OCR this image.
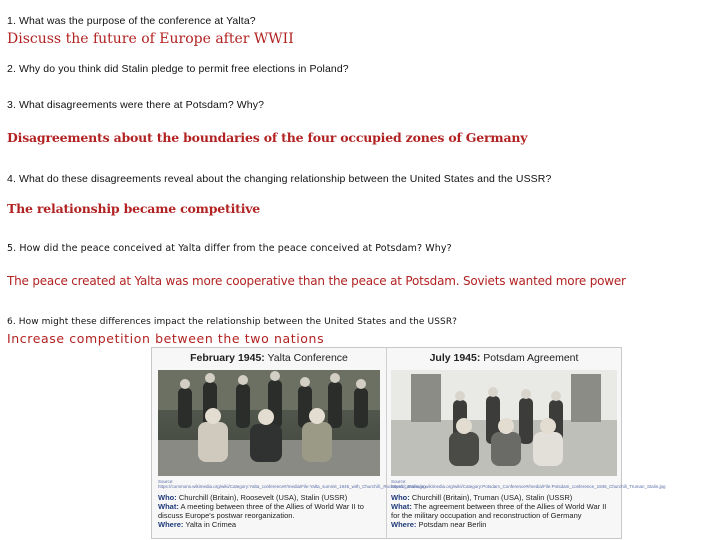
1. What was the purpose of the conference at Yalta?
Discuss the future of Europe after WWII
2. Why do you think did Stalin pledge to permit free elections in Poland?
3. What disagreements were there at Potsdam? Why?
Disagreements about the boundaries of the four occupied zones of Germany
4. What do these disagreements reveal about the changing relationship between the United States and the USSR?
The relationship became competitive
5. How did the peace conceived at Yalta differ from the peace conceived at Potsdam? Why?
The peace created at Yalta was more cooperative than the peace at Potsdam. Soviets wanted more power
6. How might these differences impact the relationship between the United States and the USSR?
Increase competition between the two nations
February 1945: Yalta Conference
Source: https://commons.wikimedia.org/wiki/Category:Yalta_conference#/media/File:Yalta_summit_1945_with_Churchill,_Roosevelt,_Stalin.jpg
Who: Churchill (Britain), Roosevelt (USA), Stalin (USSR)
What: A meeting between three of the Allies of World War II to discuss Europe's postwar reorganization.
Where: Yalta in Crimea
July 1945: Potsdam Agreement
Source: https://commons.wikimedia.org/wiki/Category:Potsdam_Conference#/media/File:Potsdam_conference_1945_Churchill_Truman_Stalin.jpg
Who: Churchill (Britain), Truman (USA), Stalin (USSR)
What: The agreement between three of the Allies of World War II for the military occupation and reconstruction of Germany
Where: Potsdam near Berlin
